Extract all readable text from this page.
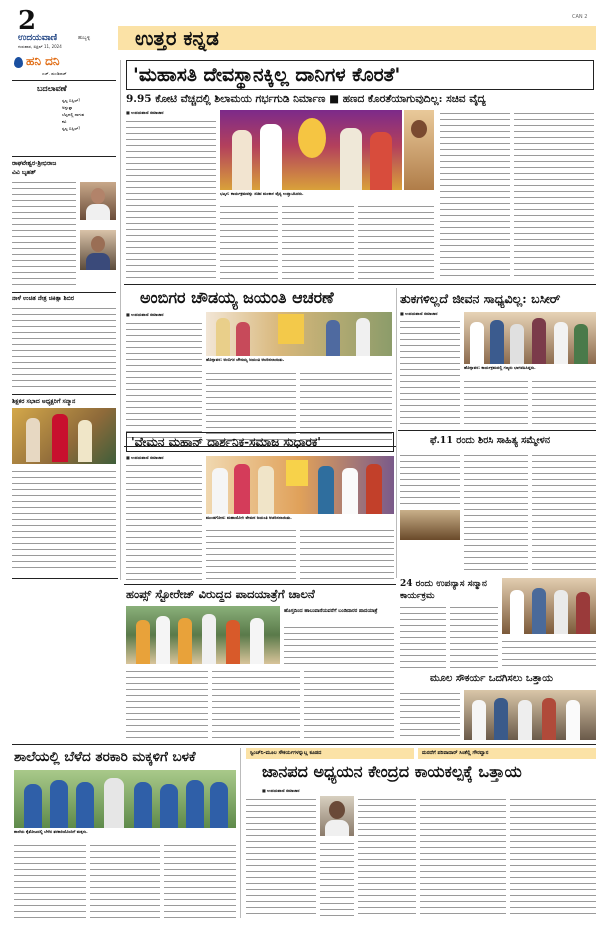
2
ಉದಯವಾಣಿ	ಹುಬ್ಬಳ್ಳಿ
ಗುರುವಾರ, ಏಪ್ರಿಲ್ 11, 2024	ಉತ್ತರ ಕನ್ನಡ
CAN 2
ಹನಿ ದನಿ
ಎಚ್. ಡುಂಡಿರಾಜ್
ಬದಲಾವಣೆ
ಸ್ವಲ್ಪ ಬಿಸ್ಸಿಲ್?
ಅನ್ನುತ್ತಾ
ಬೆಟ್ಟದಲ್ಲಿ ಸಾಗುವ
ಕವಿ
ಸ್ವಲ್ಪ ಬಿಸ್ಸಿಲ್?
ರಾಘವೇಶ್ವರ-ಶ್ರೀಭಿರಾಜ
ವಿವಿ ಬೃಹತ್
ನಾಳೆ ಉಚಿತ ನೇತ್ರ ಚಿಕಿತ್ಸಾ ಶಿಬಿರ
ಶಿಕ್ಷಕರ ಸಭಾದ ಅಧ್ಯಕ್ಷರಿಗೆ ಸನ್ಮಾನ
'ಮಹಾಸತಿ ದೇವಸ್ಥಾನಕ್ಕಿಲ್ಲ ದಾನಿಗಳ ಕೊರತೆ'
9.95 ಕೋಟಿ ವೆಚ್ಚದಲ್ಲಿ ಶಿಲಾಮಯ ಗರ್ಭಗುಡಿ ನಿರ್ಮಾಣ ■ ಹಣದ ಕೊರತೆಯಾಗುವುದಿಲ್ಲ: ಸಚಿವ ವೈದ್ಯ
■ ಉದಯವಾಣಿ ಸಮಾಚಾರ
ಭಟ್ಕಳ: ಕಾರ್ಯಕ್ರಮವನ್ನು ಸಚಿವ ಮಂಕಾಳ ವೈದ್ಯ ಉದ್ಘಾಟಿಸಿದರು.
ಅಂಬಿಗರ ಚೌಡಯ್ಯ ಜಯಂತಿ ಆಚರಣೆ
■ ಉದಯವಾಣಿ ಸಮಾಚಾರ
ಹೊನ್ನಾವರ: ಅಂಬಿಗರ ಚೌಡಯ್ಯ ಜಯಂತಿ ಆಚರಿಸಲಾಯಿತು.
ತುಕಗಳಿಲ್ಲದೆ ಜೀವನ ಸಾಧ್ಯವಿಲ್ಲ: ಬಸೀರ್
■ ಉದಯವಾಣಿ ಸಮಾಚಾರ
ಹೊನ್ನಾವರ: ಕಾರ್ಯಕ್ರಮದಲ್ಲಿ ಗಣ್ಯರು ಭಾಗವಹಿಸಿದ್ದರು.
'ವೇಮನ ಮಹಾನ್ ದಾರ್ಶನಿಕ-ಸಮಾಜ ಸುಧಾರಕ'
■ ಉದಯವಾಣಿ ಸಮಾಚಾರ
ಮುಂಡಗೋಡ: ಮಹಾಯೋಗಿ ವೇಮನ ಜಯಂತಿ ಆಚರಿಸಲಾಯಿತು.
ಫೆ.11 ರಂದು ಶಿರಸಿ ಸಾಹಿತ್ಯ ಸಮ್ಮೇಳನ
ಹಂಪ್ಸ್ ಸ್ಟೋರೇಜ್ ವಿರುದ್ಧದ ಪಾದಯಾತ್ರೆಗೆ ಚಾಲನೆ
ಹೊಸ್ತದಿಂದ ಹಾಲುವಾನೆಯವರೆಗೆ ಬಂಡಿದಾರರ ಪಾದಯಾತ್ರೆ
24 ರಂದು ಉಪನ್ಯಾಸ ಸನ್ಮಾನ ಕಾರ್ಯಕ್ರಮ
ಮೂಲ ಸೌಕರ್ಯ ಒದಗಿಸಲು ಒತ್ತಾಯ
ಶಾಲೆಯಲ್ಲಿ ಬೆಳೆದ ತರಕಾರಿ ಮಕ್ಕಳಿಗೆ ಬಳಕೆ
ಶಾಲೆಯ ಕೈತೋಟದಲ್ಲಿ ಬೆಳೆದ ತರಕಾರಿಯೊಂದಿಗೆ ಮಕ್ಕಳು.
ಸ್ವಿಂಚ್‌ನಿ-ಮೂಲ ಸೌಕರ್ಯಗಳನ್ನುಬ್ಲ ಕೂಡದ	ಮರದೆಗೆ ಪರಿವಾದಾರ್ ಸಿಂತೆಲ್ಲಿ ಗೌರವ್ವಾನ
ಜಾನಪದ ಅಧ್ಯಯನ ಕೇಂದ್ರದ ಕಾಯಕಲ್ಪಕ್ಕೆ ಒತ್ತಾಯ
■ ಉದಯವಾಣಿ ಸಮಾಚಾರ
